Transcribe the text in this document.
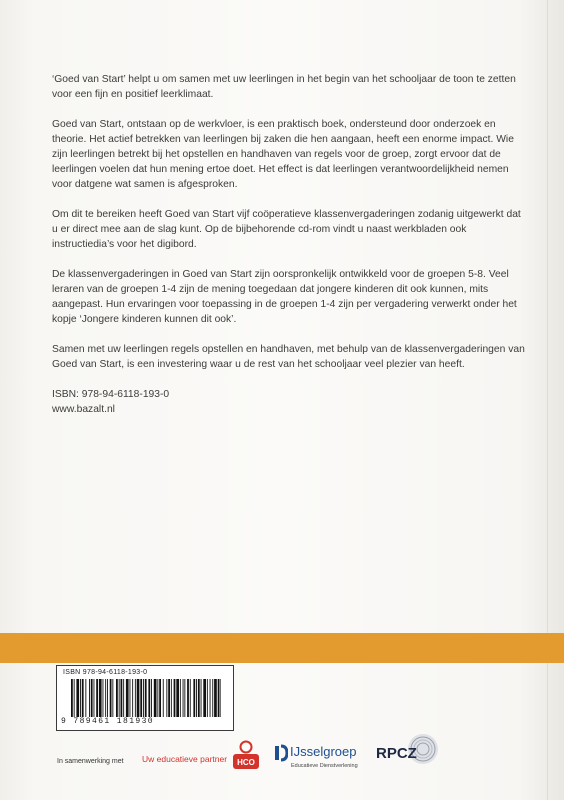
‘Goed van Start’ helpt u om samen met uw leerlingen in het begin van het schooljaar de toon te zetten voor een fijn en positief leerklimaat.

Goed van Start, ontstaan op de werkvloer, is een praktisch boek, ondersteund door onderzoek en theorie. Het actief betrekken van leerlingen bij zaken die hen aangaan, heeft een enorme impact. Wie zijn leerlingen betrekt bij het opstellen en handhaven van regels voor de groep, zorgt ervoor dat de leerlingen voelen dat hun mening ertoe doet. Het effect is dat leerlingen verantwoordelijkheid nemen voor datgene wat samen is afgesproken.

Om dit te bereiken heeft Goed van Start vijf coöperatieve klassenvergaderingen zodanig uitgewerkt dat u er direct mee aan de slag kunt. Op de bijbehorende cd-rom vindt u naast werkbladen ook instructiedia’s voor het digibord.

De klassenvergaderingen in Goed van Start zijn oorspronkelijk ontwikkeld voor de groepen 5-8. Veel leraren van de groepen 1-4 zijn de mening toegedaan dat jongere kinderen dit ook kunnen, mits aangepast. Hun ervaringen voor toepassing in de groepen 1-4 zijn per vergadering verwerkt onder het kopje ‘Jongere kinderen kunnen dit ook’.

Samen met uw leerlingen regels opstellen en handhaven, met behulp van de klassenvergaderingen van Goed van Start, is een investering waar u de rest van het schooljaar veel plezier van heeft.

ISBN: 978-94-6118-193-0
www.bazalt.nl
ISBN 978-94-6118-193-0
9 789461 181930
In samenwerking met Uw educatieve partner	HCO
IJsselgroep
Educatieve Dienstverlening
RPCZ
